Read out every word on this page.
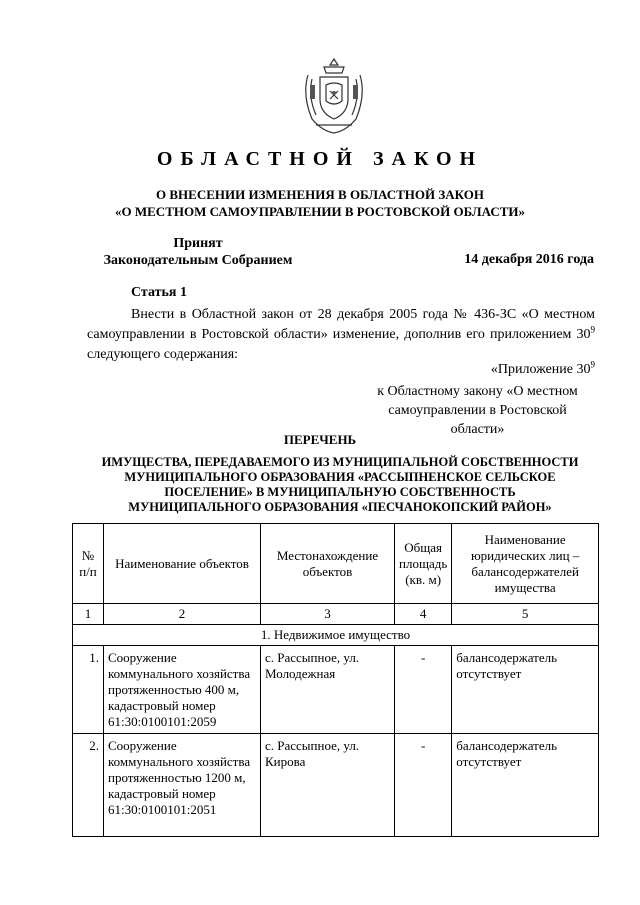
ОБЛАСТНОЙ ЗАКОН
О ВНЕСЕНИИ ИЗМЕНЕНИЯ В ОБЛАСТНОЙ ЗАКОН
«О МЕСТНОМ САМОУПРАВЛЕНИИ В РОСТОВСКОЙ ОБЛАСТИ»
Принят
Законодательным Собранием	14 декабря 2016 года
Статья 1
Внести в Областной закон от 28 декабря 2005 года № 436-ЗС «О местном самоуправлении в Ростовской области» изменение, дополнив его приложением $30^9$ следующего содержания:
«Приложение $30^9$
к Областному закону «О местном
самоуправлении в Ростовской области»
ПЕРЕЧЕНЬ
ИМУЩЕСТВА, ПЕРЕДАВАЕМОГО ИЗ МУНИЦИПАЛЬНОЙ СОБСТВЕННОСТИ
МУНИЦИПАЛЬНОГО ОБРАЗОВАНИЯ «РАССЫПНЕНСКОЕ СЕЛЬСКОЕ
ПОСЕЛЕНИЕ» В МУНИЦИПАЛЬНУЮ СОБСТВЕННОСТЬ
МУНИЦИПАЛЬНОГО ОБРАЗОВАНИЯ «ПЕСЧАНОКОПСКИЙ РАЙОН»
№ п/п	Наименование объектов	Местонахождение объектов	Общая площадь (кв. м)	Наименование юридических лиц – балансодержателей имущества
1	2	3	4	5
1. Недвижимое имущество				
1.	Сооружение коммунального хозяйства протяженностью 400 м, кадастровый номер 61:30:0100101:2059	с. Рассыпное, ул. Молодежная	-	балансодержатель отсутствует
2.	Сооружение коммунального хозяйства протяженностью 1200 м, кадастровый номер 61:30:0100101:2051	с. Рассыпное, ул. Кирова	-	балансодержатель отсутствует
